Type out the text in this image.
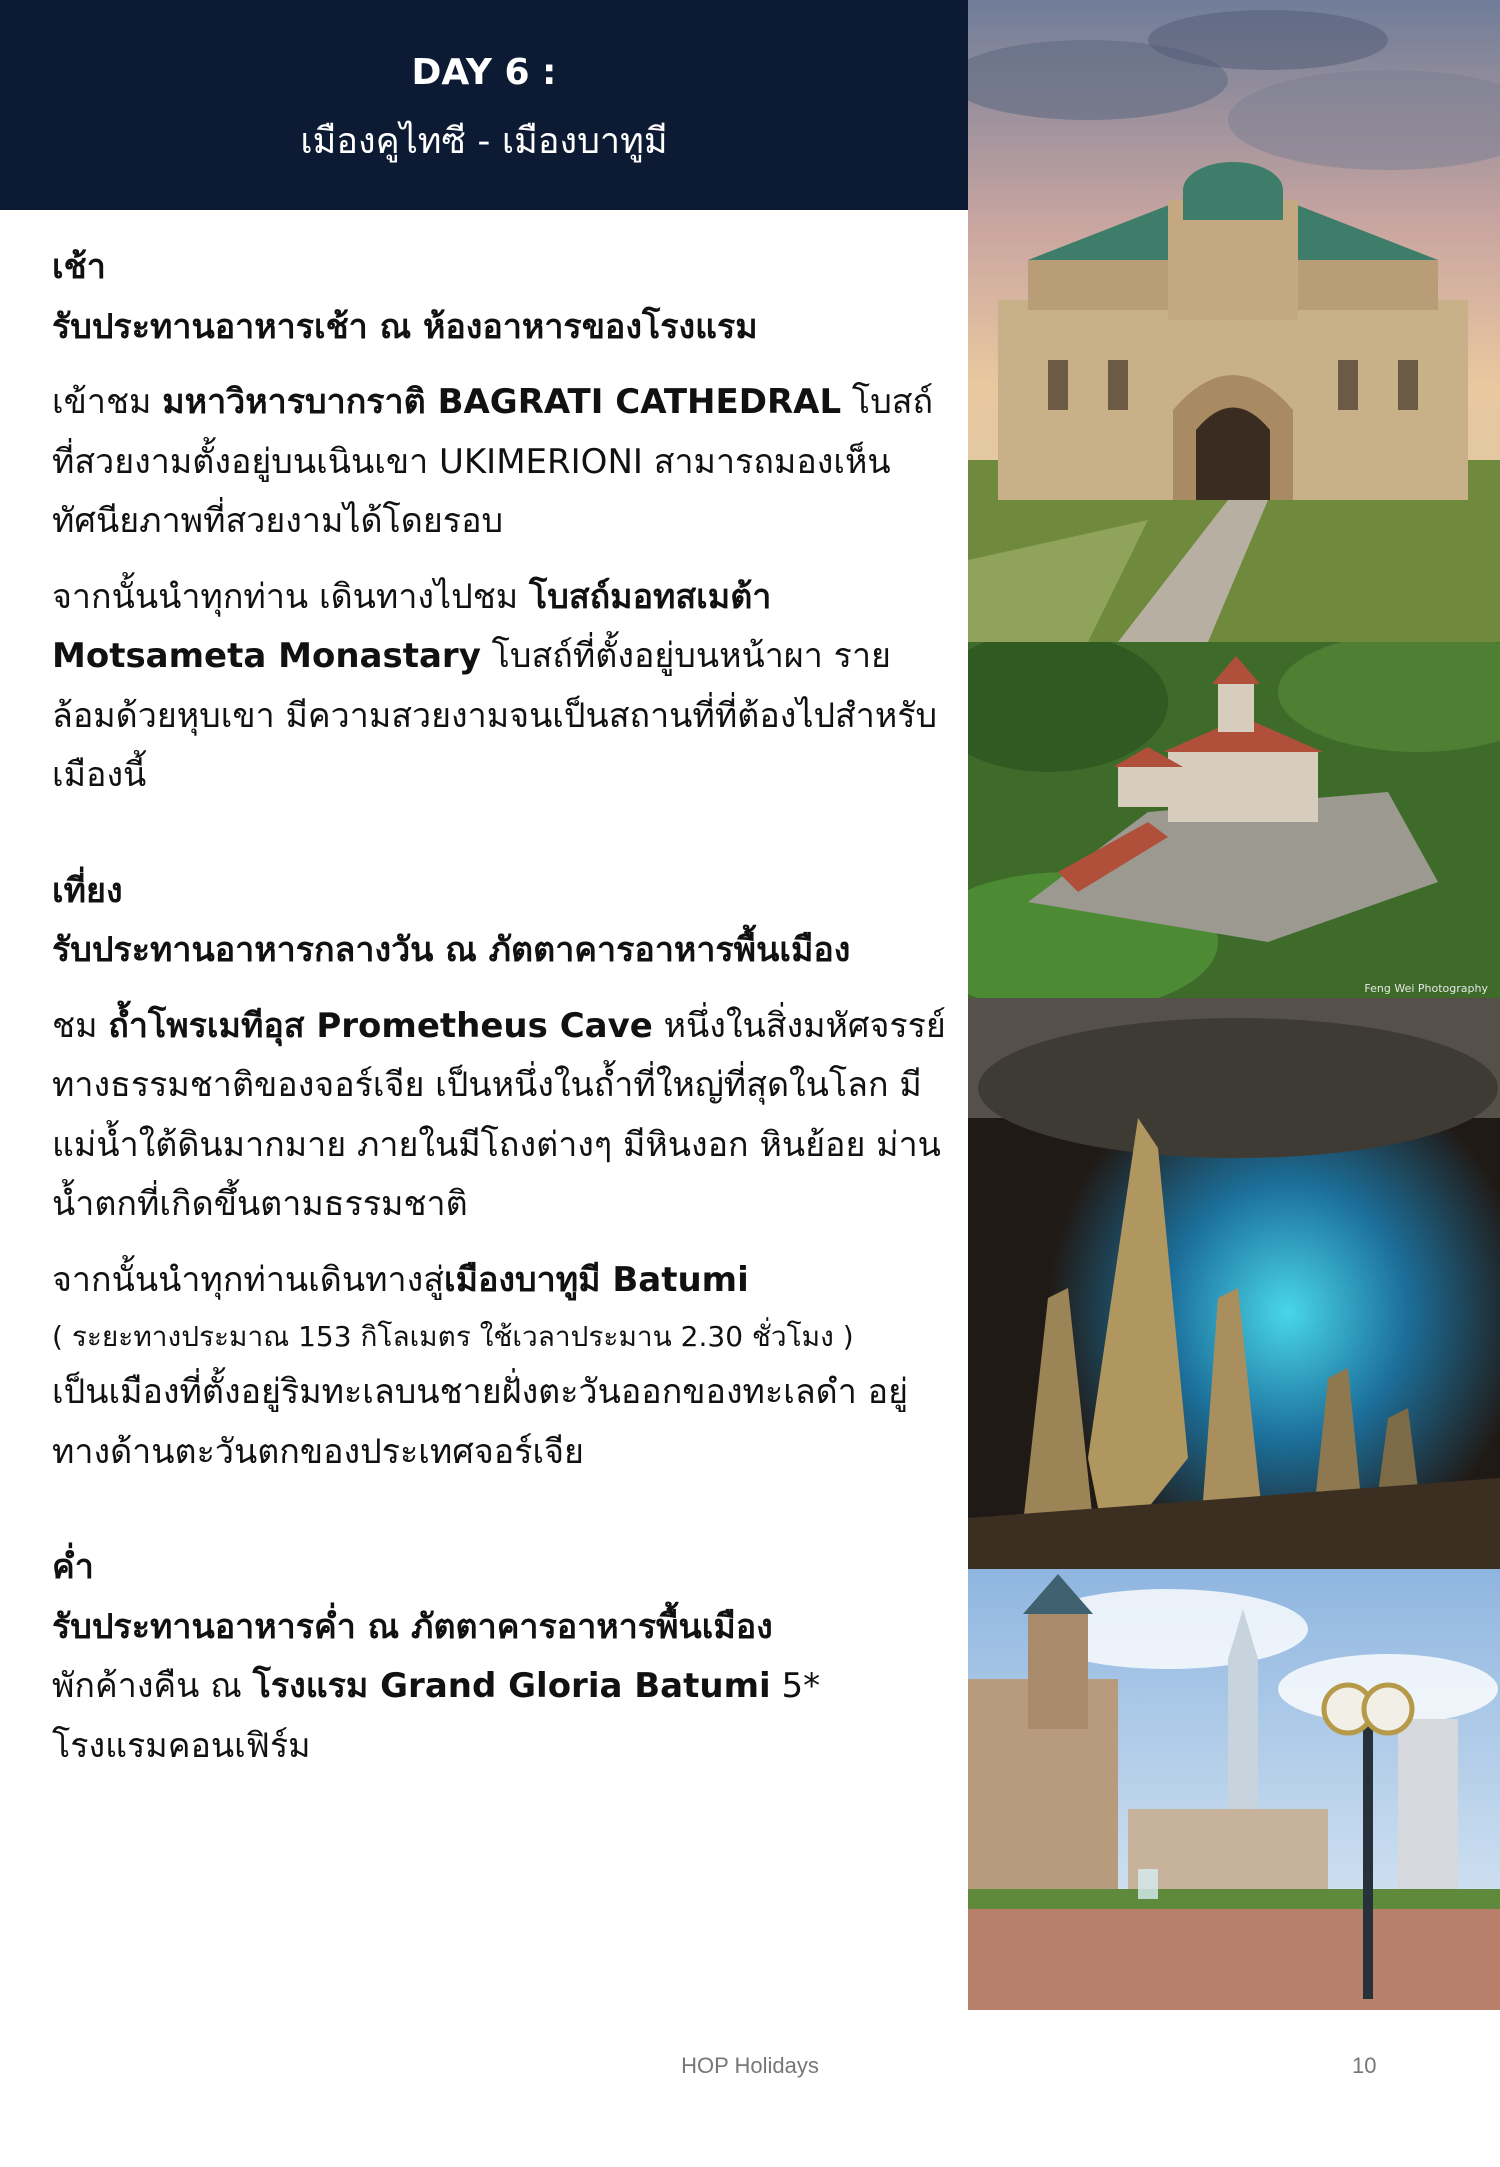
DAY 6 :
เมืองคูไทซี - เมืองบาทูมี

เช้า

รับประทานอาหารเช้า ณ ห้องอาหารของโรงแรม

เข้าชม มหาวิหารบากราติ BAGRATI CATHEDRAL โบสถ์ที่สวยงามตั้งอยู่บนเนินเขา UKIMERIONI สามารถมองเห็นทัศนียภาพที่สวยงามได้โดยรอบ

จากนั้นนำทุกท่าน เดินทางไปชม โบสถ์มอทสเมต้า Motsameta Monastary โบสถ์ที่ตั้งอยู่บนหน้าผา รายล้อมด้วยหุบเขา มีความสวยงามจนเป็นสถานที่ที่ต้องไปสำหรับเมืองนี้

เที่ยง

รับประทานอาหารกลางวัน ณ ภัตตาคารอาหารพื้นเมือง

ชม ถ้ำโพรเมทีอุส Prometheus Cave หนึ่งในสิ่งมหัศจรรย์ทางธรรมชาติของจอร์เจีย เป็นหนึ่งในถ้ำที่ใหญ่ที่สุดในโลก มีแม่น้ำใต้ดินมากมาย ภายในมีโถงต่างๆ มีหินงอก หินย้อย ม่านน้ำตกที่เกิดขึ้นตามธรรมชาติ

จากนั้นนำทุกท่านเดินทางสู่เมืองบาทูมี Batumi

( ระยะทางประมาณ 153 กิโลเมตร ใช้เวลาประมาน 2.30 ชั่วโมง )

เป็นเมืองที่ตั้งอยู่ริมทะเลบนชายฝั่งตะวันออกของทะเลดำ อยู่ทางด้านตะวันตกของประเทศจอร์เจีย

ค่ำ

รับประทานอาหารค่ำ ณ ภัตตาคารอาหารพื้นเมือง

พักค้างคืน ณ โรงแรม Grand Gloria Batumi 5*

โรงแรมคอนเฟิร์ม

Feng Wei Photography
HOP Holidays	10
